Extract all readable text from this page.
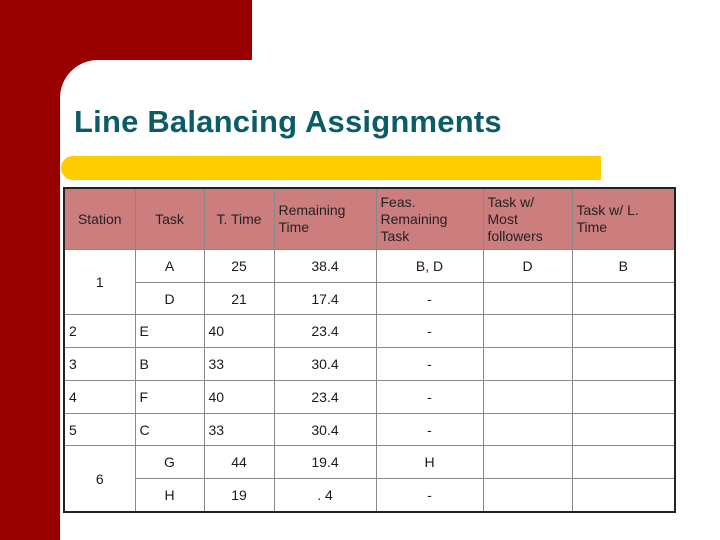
Line Balancing Assignments
Station	Task	T. Time	Remaining Time	Feas. Remaining Task	Task w/ Most followers	Task w/ L. Time
1	A	25	38.4	B, D	D	B
	D	21	17.4	-		
2	E	40	23.4	-		
3	B	33	30.4	-		
4	F	40	23.4	-		
5	C	33	30.4	-		
6	G	44	19.4	H		
	H	19	. 4	-		
